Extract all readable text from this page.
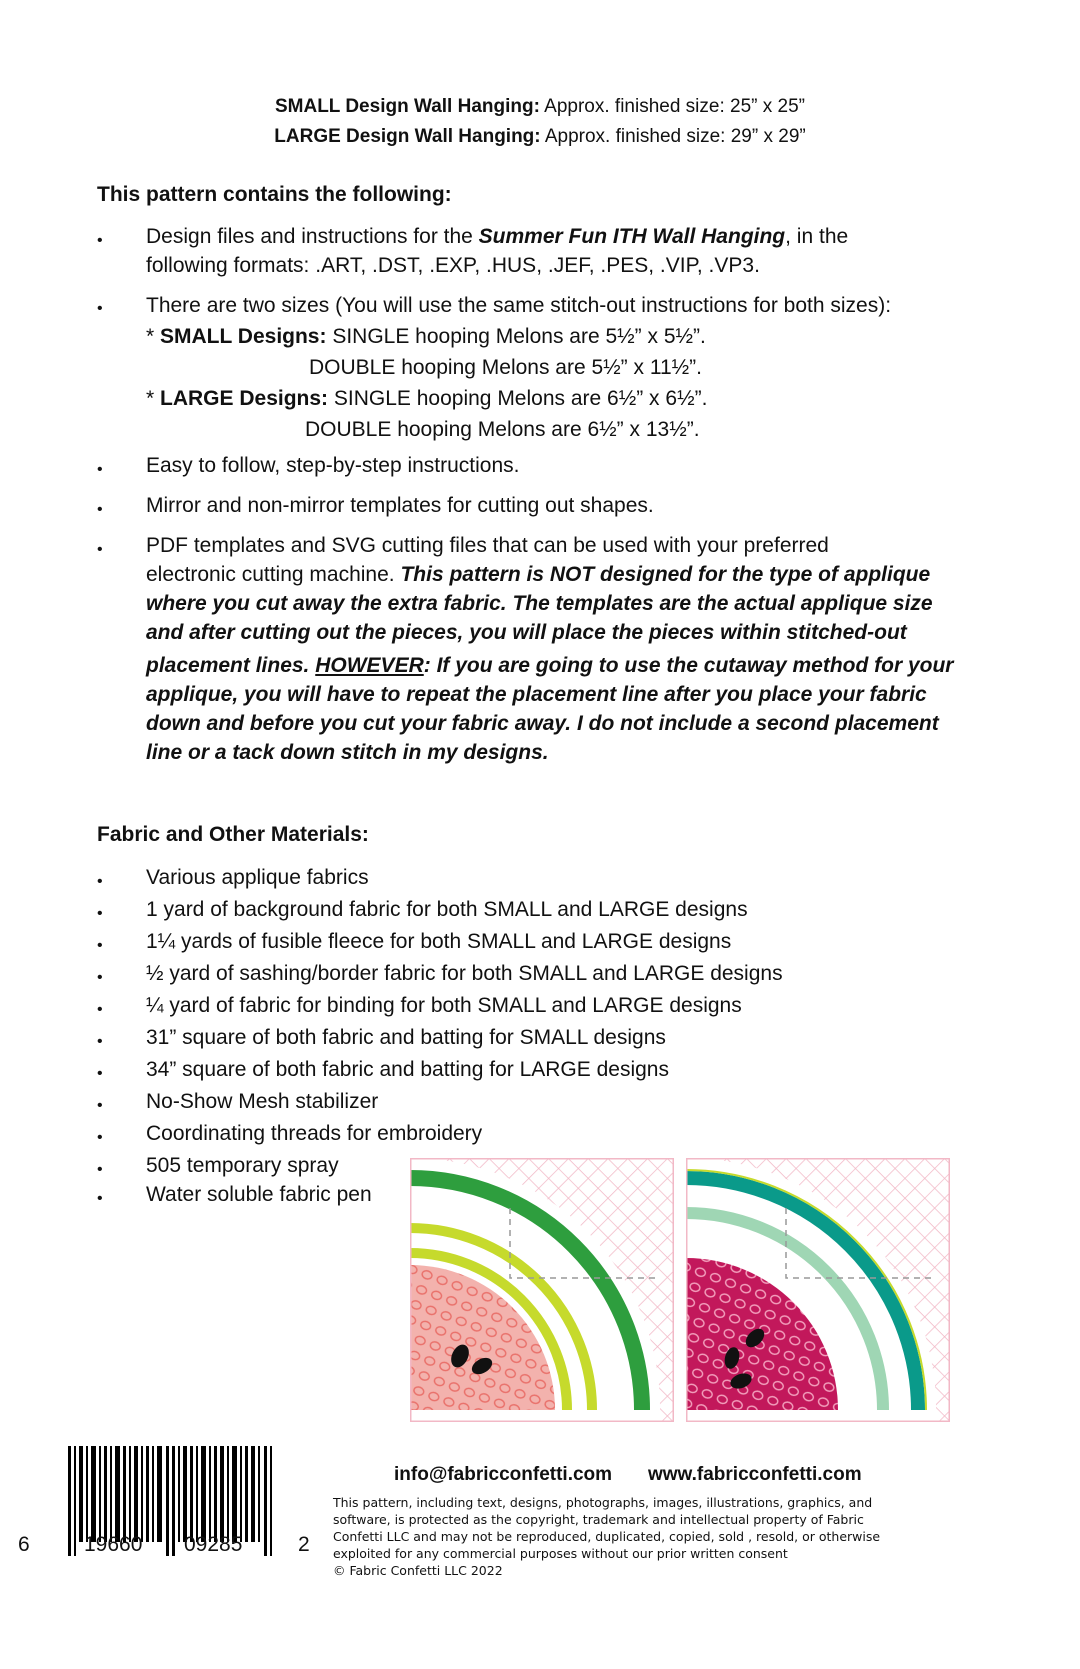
SMALL Design Wall Hanging: Approx. finished size: 25” x 25”
LARGE Design Wall Hanging: Approx. finished size: 29” x 29”
This pattern contains the following:
• Design files and instructions for the Summer Fun ITH Wall Hanging, in the
following formats: .ART, .DST, .EXP, .HUS, .JEF, .PES, .VIP, .VP3.
• There are two sizes (You will use the same stitch-out instructions for both sizes):
* SMALL Designs: SINGLE hooping Melons are 5½” x 5½”.
DOUBLE hooping Melons are 5½” x 11½”.
* LARGE Designs: SINGLE hooping Melons are 6½” x 6½”.
DOUBLE hooping Melons are 6½” x 13½”.
• Easy to follow, step-by-step instructions.
• Mirror and non-mirror templates for cutting out shapes.
• PDF templates and SVG cutting files that can be used with your preferred
electronic cutting machine. This pattern is NOT designed for the type of applique
where you cut away the extra fabric. The templates are the actual applique size
and after cutting out the pieces, you will place the pieces within stitched-out
placement lines. HOWEVER: If you are going to use the cutaway method for your
applique, you will have to repeat the placement line after you place your fabric
down and before you cut your fabric away. I do not include a second placement
line or a tack down stitch in my designs.
Fabric and Other Materials:
• Various applique fabrics
• 1 yard of background fabric for both SMALL and LARGE designs
• 1¼ yards of fusible fleece for both SMALL and LARGE designs
• ½ yard of sashing/border fabric for both SMALL and LARGE designs
• ¼ yard of fabric for binding for both SMALL and LARGE designs
• 31” square of both fabric and batting for SMALL designs
• 34” square of both fabric and batting for LARGE designs
• No-Show Mesh stabilizer
• Coordinating threads for embroidery
• 505 temporary spray
• Water soluble fabric pen
6	19660 09285	2
info@fabricconfetti.com www.fabricconfetti.com
This pattern, including text, designs, photographs, images, illustrations, graphics, and
software, is protected as the copyright, trademark and intellectual property of Fabric
Confetti LLC and may not be reproduced, duplicated, copied, sold , resold, or otherwise
exploited for any commercial purposes without our prior written consent
© Fabric Confetti LLC 2022
